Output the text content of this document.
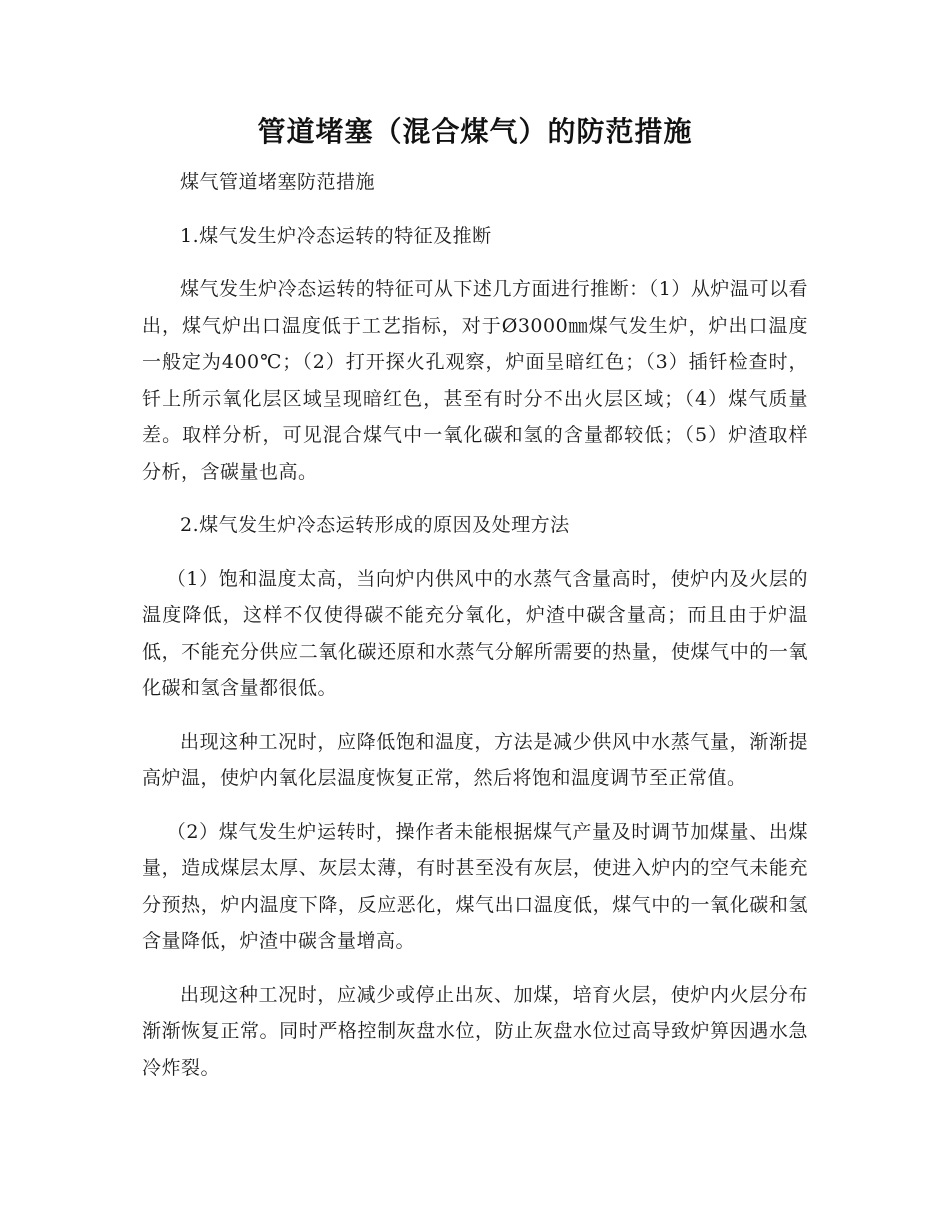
管道堵塞（混合煤气）的防范措施

煤气管道堵塞防范措施

1.煤气发生炉冷态运转的特征及推断

煤气发生炉冷态运转的特征可从下述几方面进行推断：（1）从炉温可以看出，煤气炉出口温度低于工艺指标，对于Ø3000㎜煤气发生炉，炉出口温度一般定为400℃；（2）打开探火孔观察，炉面呈暗红色；（3）插钎检查时，钎上所示氧化层区域呈现暗红色，甚至有时分不出火层区域；（4）煤气质量差。取样分析，可见混合煤气中一氧化碳和氢的含量都较低；（5）炉渣取样分析，含碳量也高。

2.煤气发生炉冷态运转形成的原因及处理方法

（1）饱和温度太高，当向炉内供风中的水蒸气含量高时，使炉内及火层的温度降低，这样不仅使得碳不能充分氧化，炉渣中碳含量高；而且由于炉温低，不能充分供应二氧化碳还原和水蒸气分解所需要的热量，使煤气中的一氧化碳和氢含量都很低。

出现这种工况时，应降低饱和温度，方法是减少供风中水蒸气量，渐渐提高炉温，使炉内氧化层温度恢复正常，然后将饱和温度调节至正常值。

（2）煤气发生炉运转时，操作者未能根据煤气产量及时调节加煤量、出煤量，造成煤层太厚、灰层太薄，有时甚至没有灰层，使进入炉内的空气未能充分预热，炉内温度下降，反应恶化，煤气出口温度低，煤气中的一氧化碳和氢含量降低，炉渣中碳含量增高。

出现这种工况时，应减少或停止出灰、加煤，培育火层，使炉内火层分布渐渐恢复正常。同时严格控制灰盘水位，防止灰盘水位过高导致炉箅因遇水急冷炸裂。
